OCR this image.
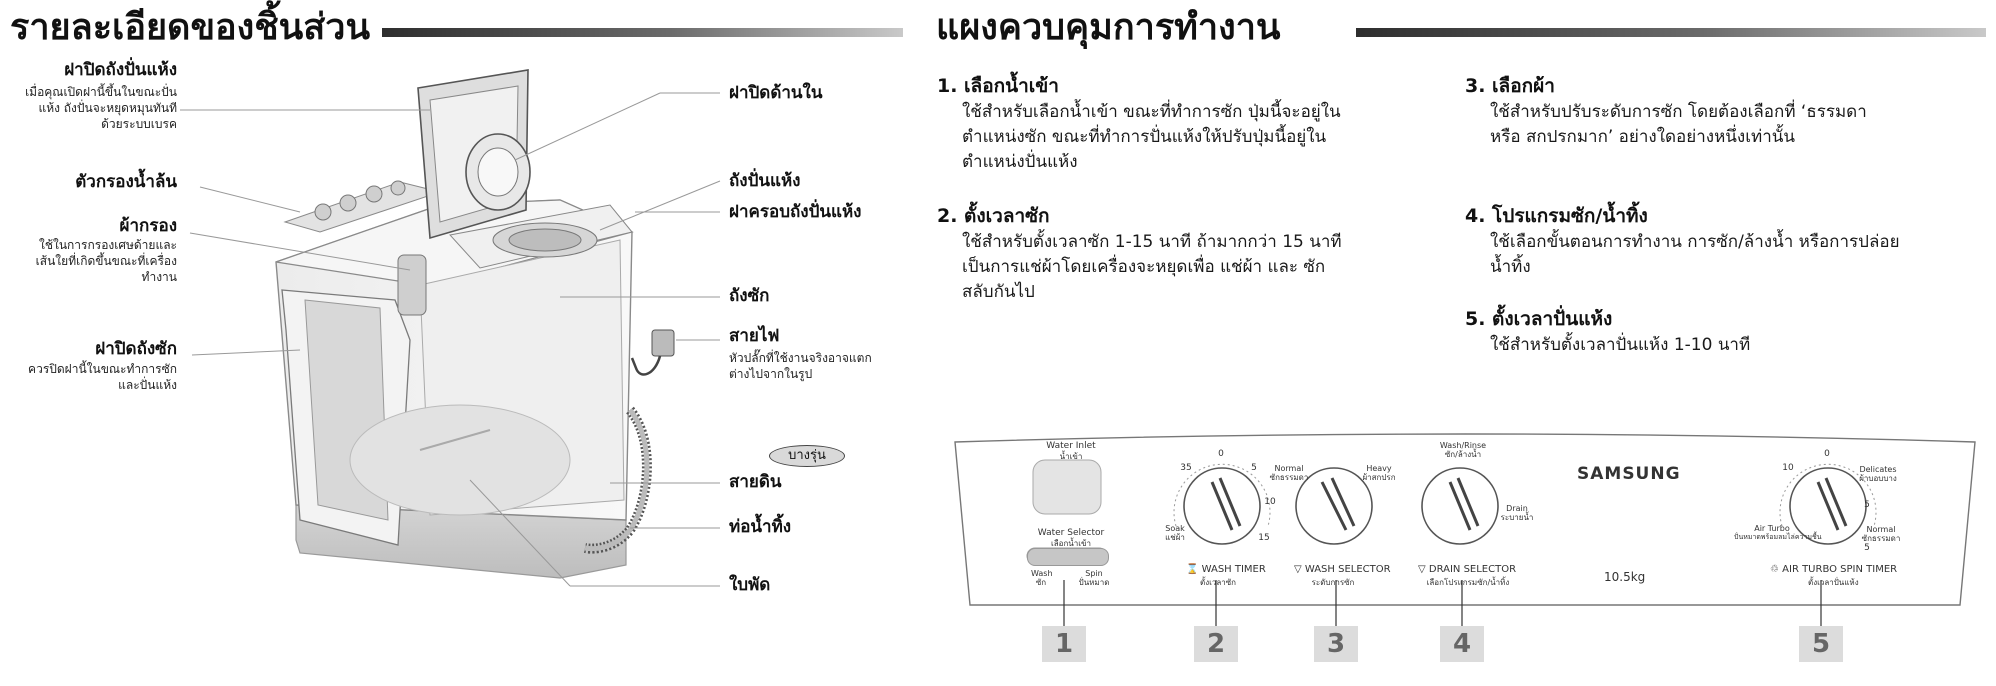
รายละเอียดของชิ้นส่วน	แผงควบคุมการทำงาน
ฝาปิดถังปั่นแห้ง
เมื่อคุณเปิดฝานี้ขึ้นในขณะปั่นแห้ง ถังปั่นจะหยุดหมุนทันทีด้วยระบบเบรค
ตัวกรองน้ำล้น
ผ้ากรอง
ใช้ในการกรองเศษด้ายและเส้นใยที่เกิดขึ้นขณะที่เครื่องทำงาน
ฝาปิดถังซัก
ควรปิดฝานี้ในขณะทำการซักและปั่นแห้ง
ฝาปิดด้านใน
ถังปั่นแห้ง
ฝาครอบถังปั่นแห้ง
ถังซัก
สายไฟ
หัวปลั๊กที่ใช้งานจริงอาจแตกต่างไปจากในรูป
บางรุ่น
สายดิน
ท่อน้ำทิ้ง
ใบพัด
1. เลือกน้ำเข้า
ใช้สำหรับเลือกน้ำเข้า ขณะที่ทำการซัก ปุ่มนี้จะอยู่ในตำแหน่งซัก ขณะที่ทำการปั่นแห้งให้ปรับปุ่มนี้อยู่ในตำแหน่งปั่นแห้ง
2. ตั้งเวลาซัก
ใช้สำหรับตั้งเวลาซัก 1-15 นาที ถ้ามากกว่า 15 นาที เป็นการแช่ผ้าโดยเครื่องจะหยุดเพื่อ แช่ผ้า และ ซัก สลับกันไป
3. เลือกผ้า
ใช้สำหรับปรับระดับการซัก โดยต้องเลือกที่ ‘ธรรมดา หรือ สกปรกมาก’ อย่างใดอย่างหนึ่งเท่านั้น
4. โปรแกรมซัก/น้ำทิ้ง
ใช้เลือกขั้นตอนการทำงาน การซัก/ล้างน้ำ หรือการปล่อยน้ำทิ้ง
5. ตั้งเวลาปั่นแห้ง
ใช้สำหรับตั้งเวลาปั่นแห้ง 1-10 นาที
Water Inlet
น้ำเข้า
Water Selector
เลือกน้ำเข้า
Wash
ซัก
Spin
ปั่นหมาด
0
5
10
15
35
Soak
แช่ผ้า
⌛ WASH TIMER
ตั้งเวลาซัก
Normal
ซักธรรมดา
Heavy
ผ้าสกปรก
▽ WASH SELECTOR
ระดับการซัก
Wash/Rinse
ซัก/ล้างน้ำ
Drain
ระบายน้ำ
▽ DRAIN SELECTOR
เลือกโปรแกรมซัก/น้ำทิ้ง
SAMSUNG
10.5kg
0
10
5
5
Delicates
ผ้าบอบบาง
Normal
ซักธรรมดา
Air Turbo
ปั่นหมาดพร้อมลมไล่ความชื้น
♲ AIR TURBO SPIN TIMER
ตั้งเวลาปั่นแห้ง
1	2	3	4	5
